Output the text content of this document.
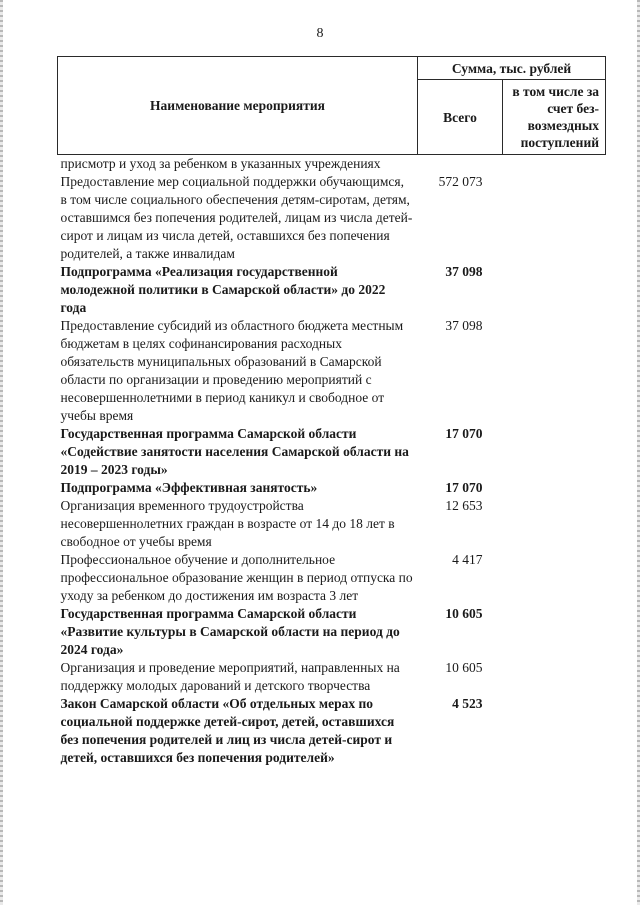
8
Наименование мероприятия	Сумма, тыс. рублей	
	Всего	в том числе за счет без-возмездных поступлений
присмотр и уход за ребенком в указанных учреждениях		
Предоставление мер социальной поддержки обучающимся, в том числе социального обеспечения детям-сиротам, детям, оставшимся без попечения родителей, лицам из числа детей-сирот и лицам из числа детей, оставшихся без попечения родителей, а также инвалидам	572 073	
Подпрограмма «Реализация государственной молодежной политики в Самарской области» до 2022 года	37 098	
Предоставление субсидий из областного бюджета местным бюджетам в целях софинансирования расходных обязательств муниципальных образований в Самарской области по организации и проведению мероприятий с несовершеннолетними в период каникул и свободное от учебы время	37 098	
Государственная программа Самарской области «Содействие занятости населения Самарской области на 2019 – 2023 годы»	17 070	
Подпрограмма «Эффективная занятость»	17 070	
Организация временного трудоустройства несовершеннолетних граждан в возрасте от 14 до 18 лет в свободное от учебы время	12 653	
Профессиональное обучение и дополнительное профессиональное образование женщин в период отпуска по уходу за ребенком до достижения им возраста 3 лет	4 417	
Государственная программа Самарской области «Развитие культуры в Самарской области на период до 2024 года»	10 605	
Организация и проведение мероприятий, направленных на поддержку молодых дарований и детского творчества	10 605	
Закон Самарской области «Об отдельных мерах по социальной поддержке детей-сирот, детей, оставшихся без попечения родителей и лиц из числа детей-сирот и детей, оставшихся без попечения родителей»	4 523	
